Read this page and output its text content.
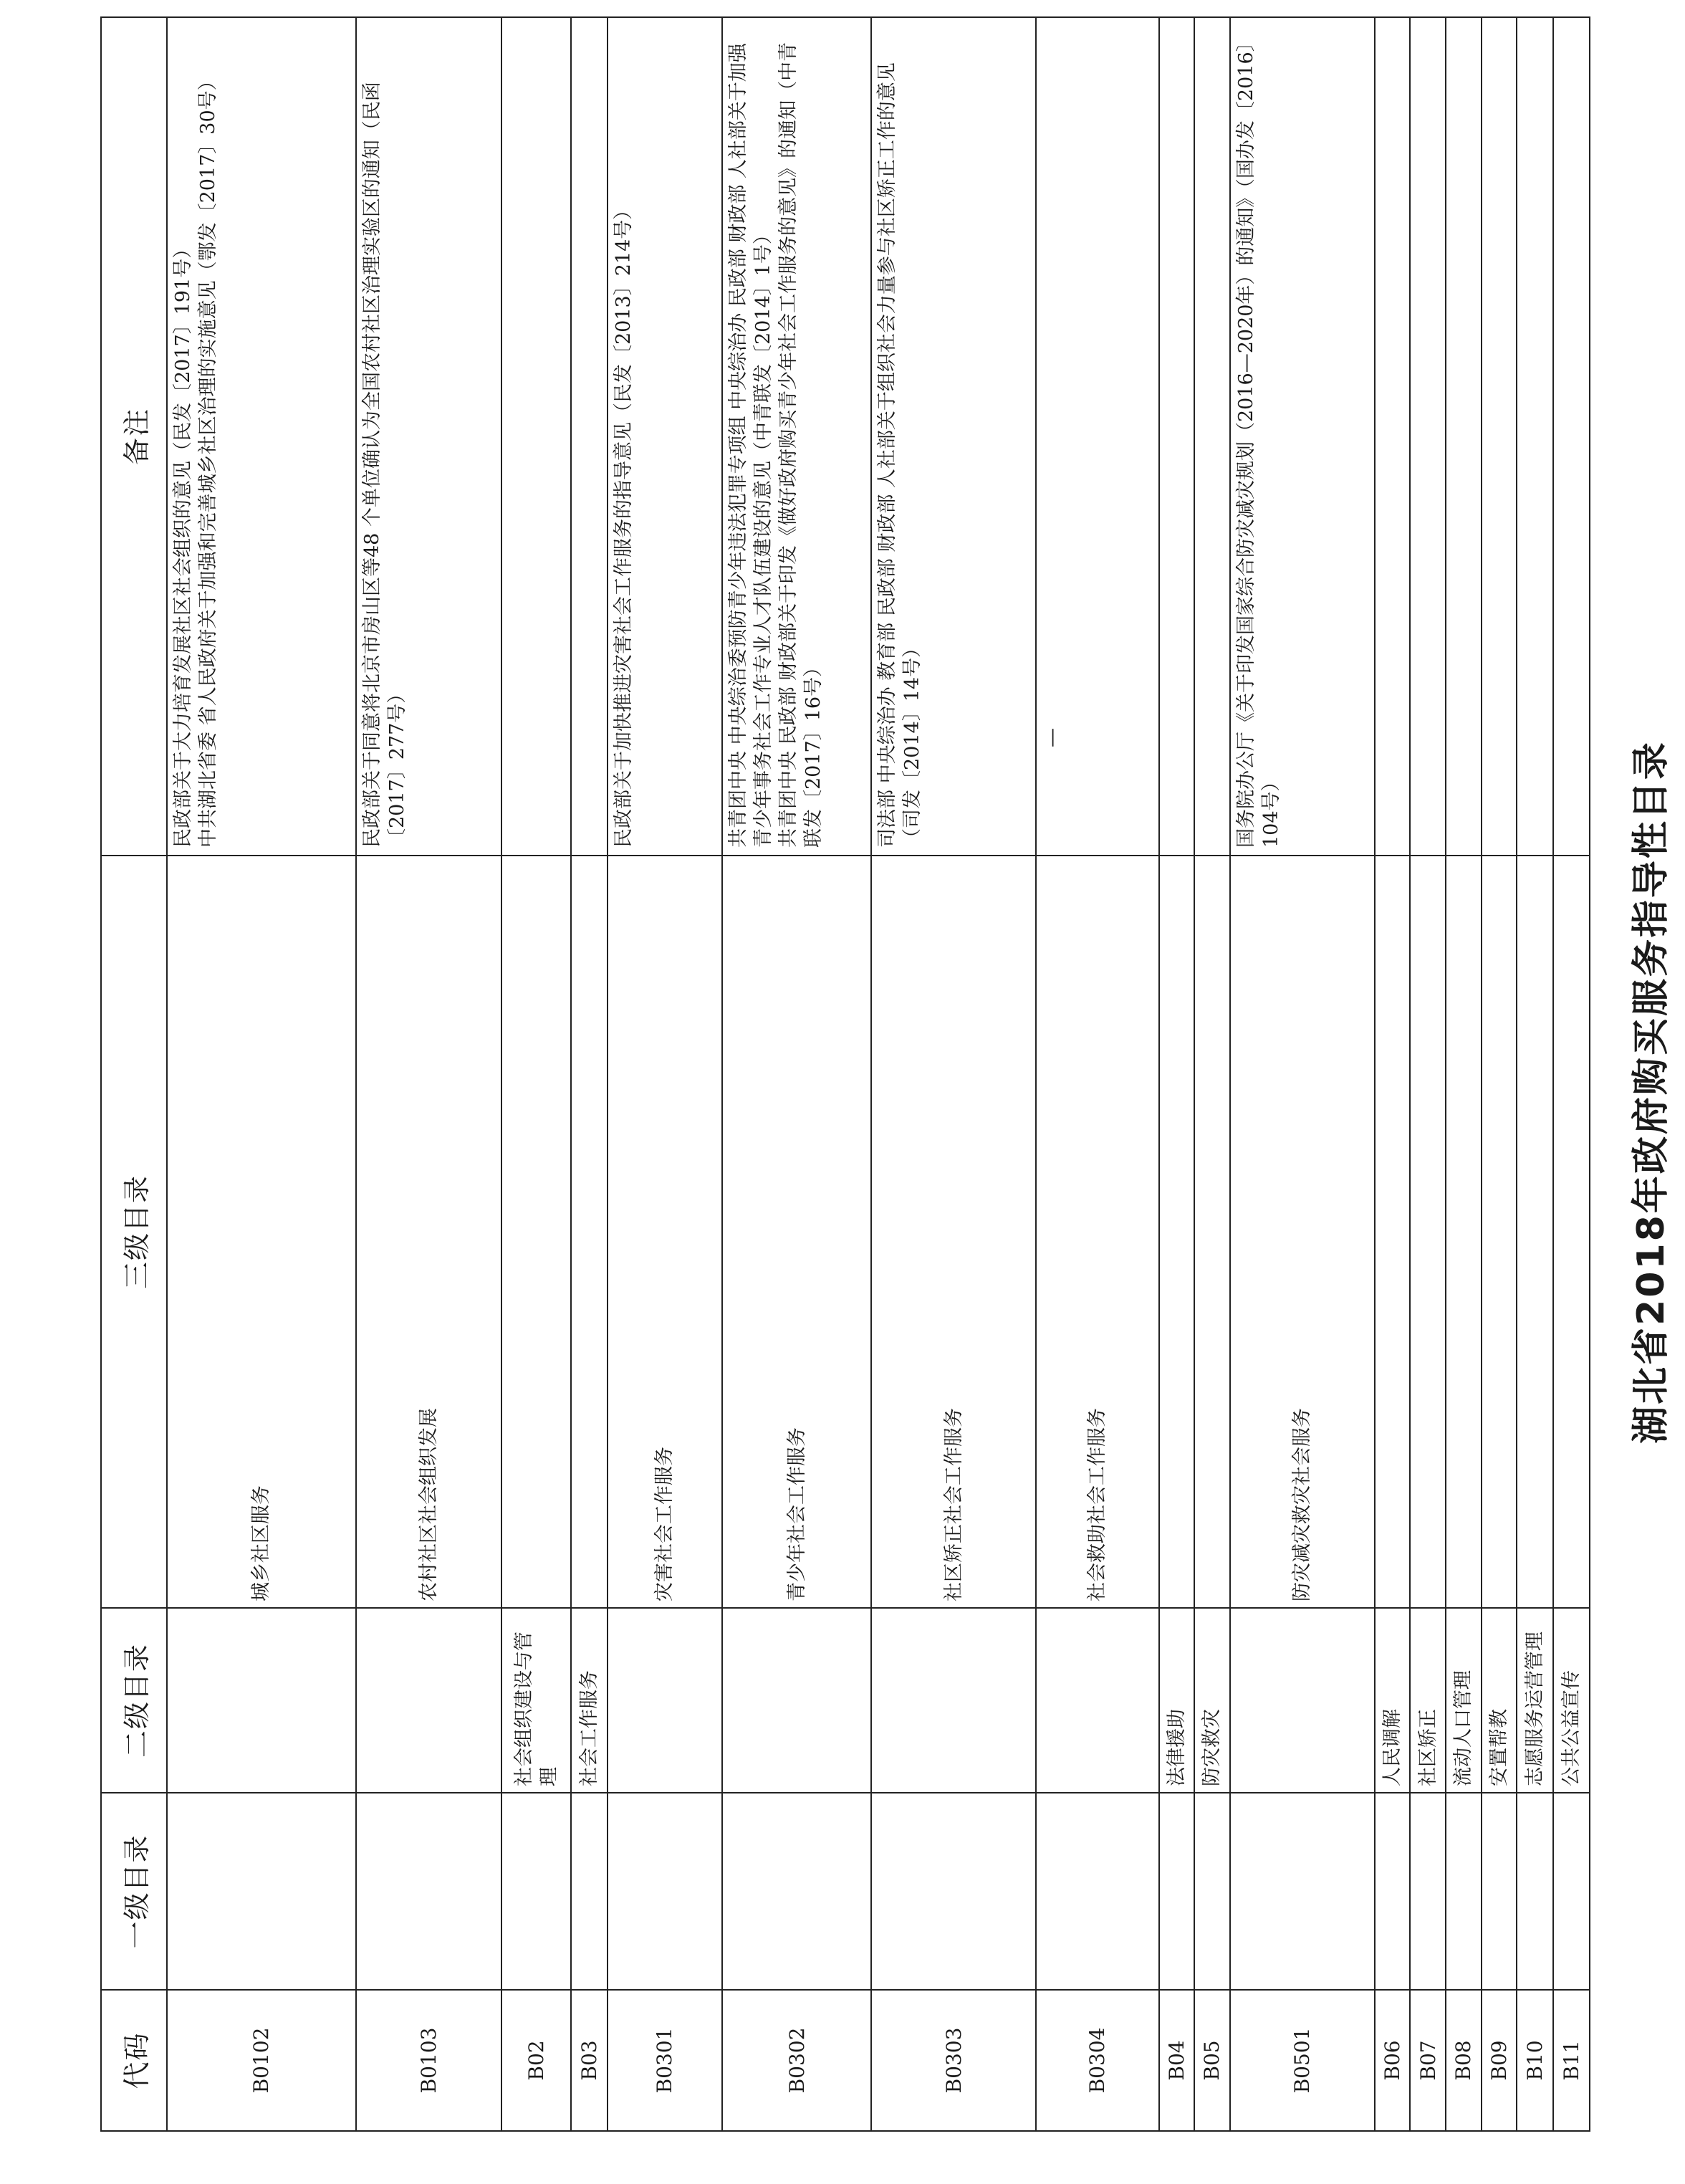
湖北省2018年政府购买服务指导性目录
代码	一级目录	二级目录	三级目录	备注
B0102			城乡社区服务	民政部关于大力培育发展社区社会组织的意见（民发〔2017〕191号） 中共湖北省委 省人民政府关于加强和完善城乡社区治理的实施意见（鄂发〔2017〕30号）

B0103			农村社区社会组织发展	民政部关于同意将北京市房山区等48 个单位确认为全国农村社区治理实验区的通知（民函〔2017〕277号）

B02		社会组织建设与管理		
B03		社会工作服务		
B0301			灾害社会工作服务	民政部关于加快推进灾害社会工作服务的指导意见（民发〔2013〕214号）

B0302			青少年社会工作服务	共青团中央 中央综治委预防青少年违法犯罪专项组 中央综治办 民政部 财政部 人社部关于加强青少年事务社会工作专业人才队伍建设的意见（中青联发〔2014〕1号） 共青团中央 民政部 财政部关于印发《做好政府购买青少年社会工作服务的意见》的通知（中青联发〔2017〕16号）

B0303			社区矫正社会工作服务	司法部 中央综治办 教育部 民政部 财政部 人社部关于组织社会力量参与社区矫正工作的意见（司发〔2014〕14号）

B0304			社会救助社会工作服务	—

B04		法律援助		
B05		防灾救灾		
B0501			防灾减灾救灾社会服务	国务院办公厅《关于印发国家综合防灾减灾规划（2016—2020年）的通知》（国办发〔2016〕104号）

B06		人民调解		
B07		社区矫正		
B08		流动人口管理		
B09		安置帮教		
B10		志愿服务运营管理		
B11		公共公益宣传		
